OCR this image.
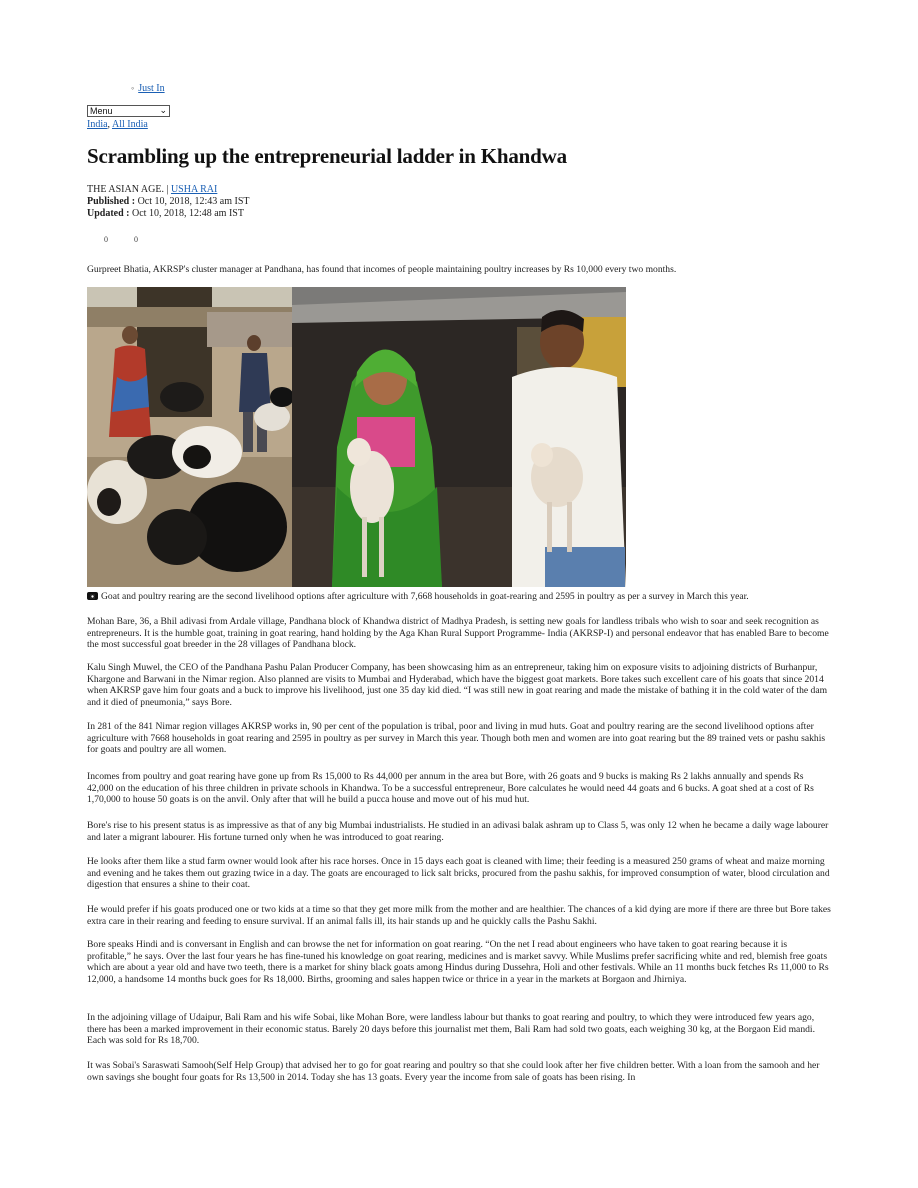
◦ Just In
Menu	⌄
India, All India
Scrambling up the entrepreneurial ladder in Khandwa
THE ASIAN AGE. | USHA RAI
Published : Oct 10, 2018, 12:43 am IST
Updated : Oct 10, 2018, 12:48 am IST
0	0

Gurpreet Bhatia, AKRSP's cluster manager at Pandhana, has found that incomes of people maintaining poultry increases by Rs 10,000 every two months.

Goat and poultry rearing are the second livelihood options after agriculture with 7,668 households in goat-rearing and 2595 in poultry as per a survey in March this year.

Mohan Bare, 36, a Bhil adivasi from Ardale village, Pandhana block of Khandwa district of Madhya Pradesh, is setting new goals for landless tribals who wish to soar and seek recognition as entrepreneurs. It is the humble goat, training in goat rearing, hand holding by the Aga Khan Rural Support Programme- India (AKRSP-I) and personal endeavor that has enabled Bare to become the most successful goat breeder in the 28 villages of Pandhana block.

Kalu Singh Muwel, the CEO of the Pandhana Pashu Palan Producer Company, has been showcasing him as an entrepreneur, taking him on exposure visits to adjoining districts of Burhanpur, Khargone and Barwani in the Nimar region. Also planned are visits to Mumbai and Hyderabad, which have the biggest goat markets. Bore takes such excellent care of his goats that since 2014 when AKRSP gave him four goats and a buck to improve his livelihood, just one 35 day kid died. “I was still new in goat rearing and made the mistake of bathing it in the cold water of the dam and it died of pneumonia,” says Bore.

In 281 of the 841 Nimar region villages AKRSP works in, 90 per cent of the population is tribal, poor and living in mud huts. Goat and poultry rearing are the second livelihood options after agriculture with 7668 households in goat rearing and 2595 in poultry as per survey in March this year. Though both men and women are into goat rearing but the 89 trained vets or pashu sakhis for goats and poultry are all women.

Incomes from poultry and goat rearing have gone up from Rs 15,000 to Rs 44,000 per annum in the area but Bore, with 26 goats and 9 bucks is making Rs 2 lakhs annually and spends Rs 42,000 on the education of his three children in private schools in Khandwa. To be a successful entrepreneur, Bore calculates he would need 44 goats and 6 bucks. A goat shed at a cost of Rs 1,70,000 to house 50 goats is on the anvil. Only after that will he build a pucca house and move out of his mud hut.

Bore's rise to his present status is as impressive as that of any big Mumbai industrialists. He studied in an adivasi balak ashram up to Class 5, was only 12 when he became a daily wage labourer and later a migrant labourer. His fortune turned only when he was introduced to goat rearing.

He looks after them like a stud farm owner would look after his race horses. Once in 15 days each goat is cleaned with lime; their feeding is a measured 250 grams of wheat and maize morning and evening and he takes them out grazing twice in a day. The goats are encouraged to lick salt bricks, procured from the pashu sakhis, for improved consumption of water, blood circulation and digestion that ensures a shine to their coat.

He would prefer if his goats produced one or two kids at a time so that they get more milk from the mother and are healthier. The chances of a kid dying are more if there are three but Bore takes extra care in their rearing and feeding to ensure survival. If an animal falls ill, its hair stands up and he quickly calls the Pashu Sakhi.

Bore speaks Hindi and is conversant in English and can browse the net for information on goat rearing. “On the net I read about engineers who have taken to goat rearing because it is profitable,” he says. Over the last four years he has fine-tuned his knowledge on goat rearing, medicines and is market savvy. While Muslims prefer sacrificing white and red, blemish free goats which are about a year old and have two teeth, there is a market for shiny black goats among Hindus during Dussehra, Holi and other festivals. While an 11 months buck fetches Rs 11,000 to Rs 12,000, a handsome 14 months buck goes for Rs 18,000. Births, grooming and sales happen twice or thrice in a year in the markets at Borgaon and Jhirniya.

In the adjoining village of Udaipur, Bali Ram and his wife Sobai, like Mohan Bore, were landless labour but thanks to goat rearing and poultry, to which they were introduced few years ago, there has been a marked improvement in their economic status. Barely 20 days before this journalist met them, Bali Ram had sold two goats, each weighing 30 kg, at the Borgaon Eid mandi. Each was sold for Rs 18,700.

It was Sobai's Saraswati Samooh(Self Help Group) that advised her to go for goat rearing and poultry so that she could look after her five children better. With a loan from the samooh and her own savings she bought four goats for Rs 13,500 in 2014. Today she has 13 goats. Every year the income from sale of goats has been rising. In
